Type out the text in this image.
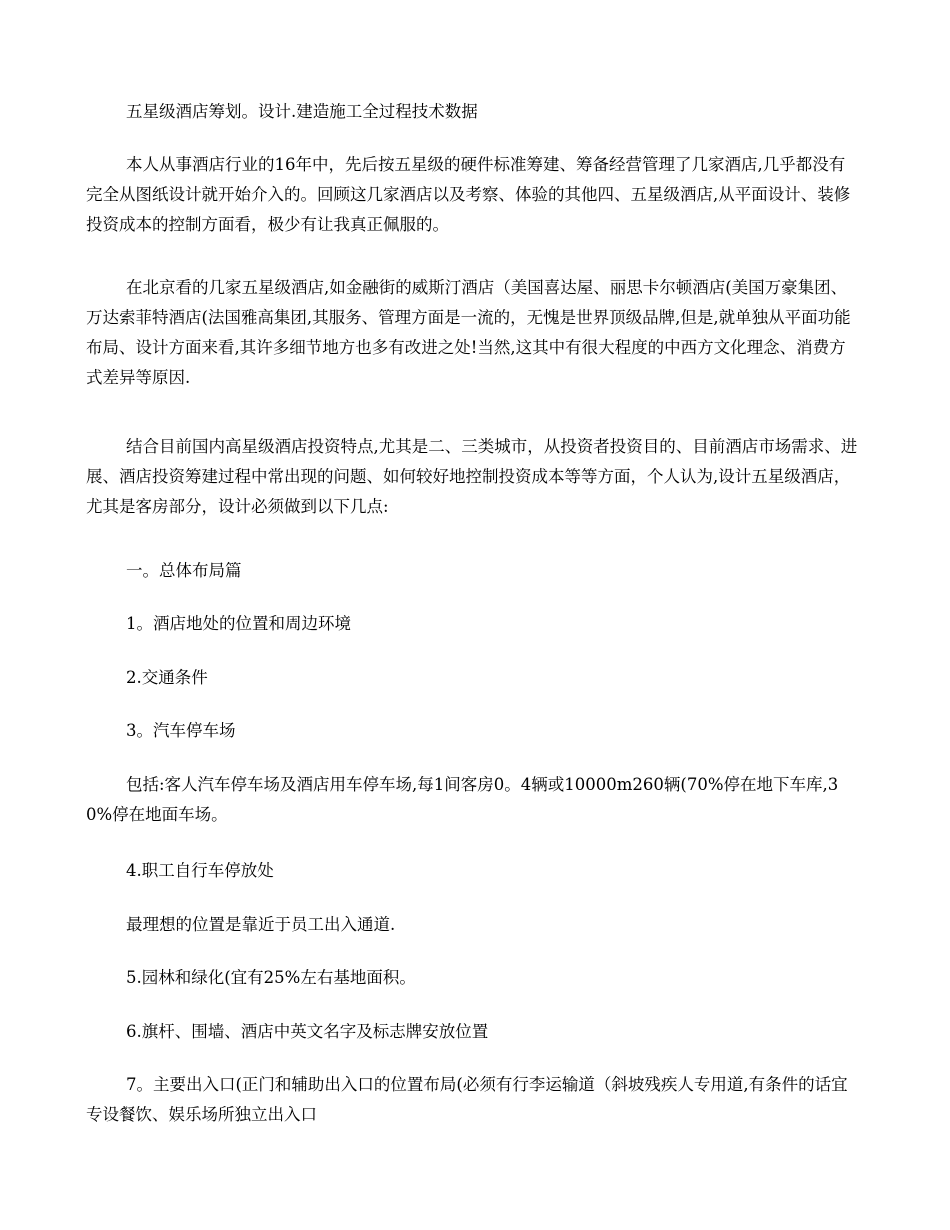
五星级酒店筹划。设计.建造施工全过程技术数据

本人从事酒店行业的16年中，先后按五星级的硬件标准筹建、筹备经营管理了几家酒店,几乎都没有完全从图纸设计就开始介入的。回顾这几家酒店以及考察、体验的其他四、五星级酒店,从平面设计、装修投资成本的控制方面看，极少有让我真正佩服的。

在北京看的几家五星级酒店,如金融街的威斯汀酒店（美国喜达屋、丽思卡尔顿酒店(美国万豪集团、万达索菲特酒店(法国雅高集团,其服务、管理方面是一流的，无愧是世界顶级品牌,但是,就单独从平面功能布局、设计方面来看,其许多细节地方也多有改进之处!当然,这其中有很大程度的中西方文化理念、消费方式差异等原因.

结合目前国内高星级酒店投资特点,尤其是二、三类城市，从投资者投资目的、目前酒店市场需求、进展、酒店投资筹建过程中常出现的问题、如何较好地控制投资成本等等方面，个人认为,设计五星级酒店，尤其是客房部分，设计必须做到以下几点:

一。总体布局篇

1。酒店地处的位置和周边环境

2.交通条件

3。汽车停车场

包括:客人汽车停车场及酒店用车停车场,每1间客房0。4辆或10000m260辆(70%停在地下车库,30%停在地面车场。

4.职工自行车停放处

最理想的位置是靠近于员工出入通道.

5.园林和绿化(宜有25%左右基地面积。

6.旗杆、围墙、酒店中英文名字及标志牌安放位置

7。主要出入口(正门和辅助出入口的位置布局(必须有行李运输道（斜坡残疾人专用道,有条件的话宜专设餐饮、娱乐场所独立出入口
